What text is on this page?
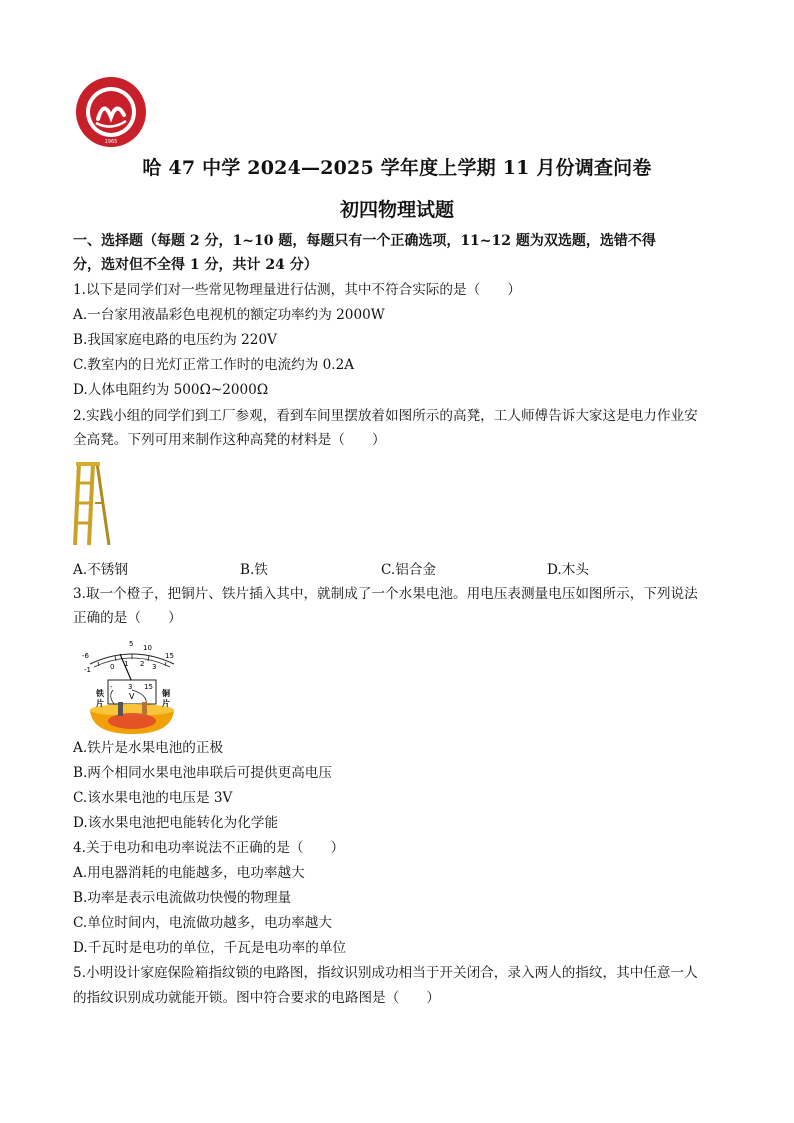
1965
哈 47 中学 2024—2025 学年度上学期 11 月份调查问卷
初四物理试题
一、选择题（每题 2 分，1~10 题，每题只有一个正确选项，11~12 题为双选题，选错不得
分，选对但不全得 1 分，共计 24 分）
1.以下是同学们对一些常见物理量进行估测，其中不符合实际的是（　　）
A.一台家用液晶彩色电视机的额定功率约为 2000W
B.我国家庭电路的电压约为 220V
C.教室内的日光灯正常工作时的电流约为 0.2A
D.人体电阻约为 500Ω~2000Ω
2.实践小组的同学们到工厂参观，看到车间里摆放着如图所示的高凳，工人师傅告诉大家这是电力作业安
全高凳。下列可用来制作这种高凳的材料是（　　）
A.不锈钢	B.铁	C.铝合金	D.木头
3.取一个橙子，把铜片、铁片插入其中，就制成了一个水果电池。用电压表测量电压如图所示，下列说法
正确的是（　　）
-6
-1
5 10
15
0 1 2 3
- 3 15
V
铁
片
铜
片
A.铁片是水果电池的正极
B.两个相同水果电池串联后可提供更高电压
C.该水果电池的电压是 3V
D.该水果电池把电能转化为化学能
4.关于电功和电功率说法不正确的是（　　）
A.用电器消耗的电能越多，电功率越大
B.功率是表示电流做功快慢的物理量
C.单位时间内，电流做功越多，电功率越大
D.千瓦时是电功的单位，千瓦是电功率的单位
5.小明设计家庭保险箱指纹锁的电路图，指纹识别成功相当于开关闭合，录入两人的指纹，其中任意一人
的指纹识别成功就能开锁。图中符合要求的电路图是（　　）
